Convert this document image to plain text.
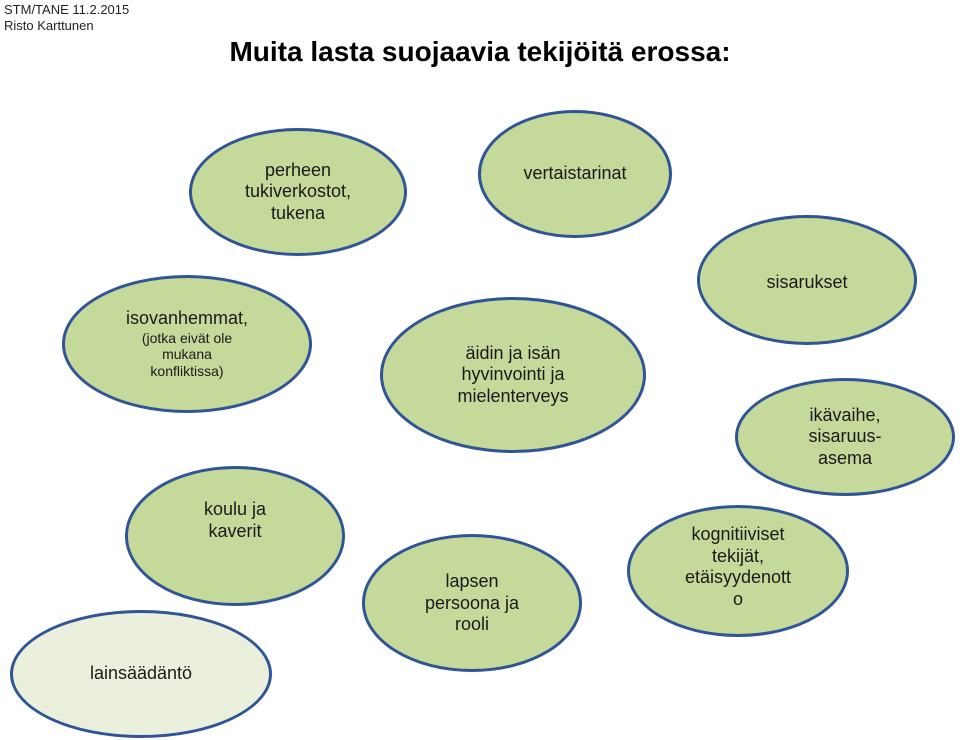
STM/TANE 11.2.2015
Risto Karttunen
Muita lasta suojaavia tekijöitä erossa:
perheen
tukiverkostot,
tukena
vertaistarinat
isovanhemmat,
(jotka eivät ole
mukana
konfliktissa)
äidin ja isän
hyvinvointi ja
mielenterveys
sisarukset
ikävaihe,
sisaruus-
asema
koulu ja
kaverit
lapsen
persoona ja
rooli
kognitiiviset
tekijät,
etäisyydenott
o
lainsäädäntö
